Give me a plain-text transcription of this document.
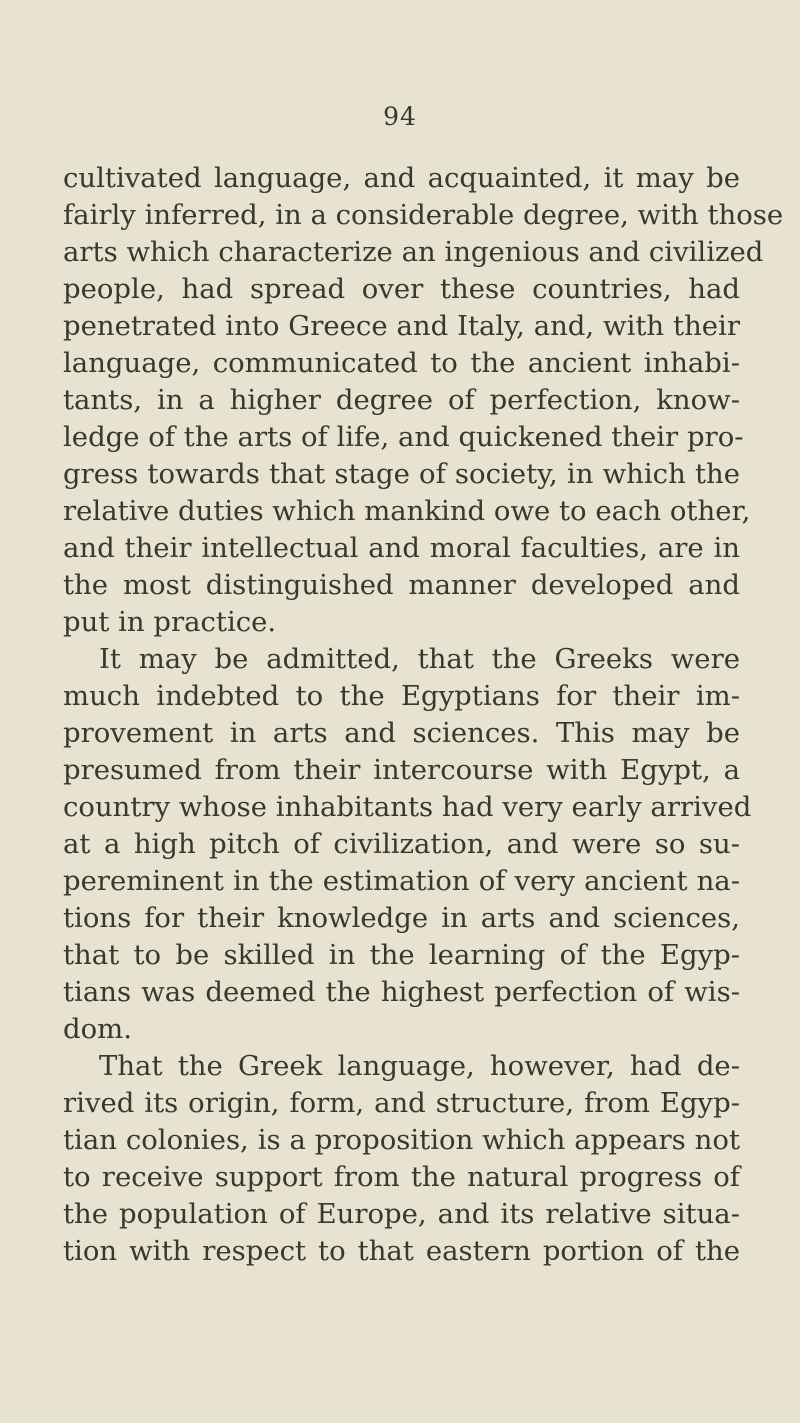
94
cultivated language, and acquainted, it may be
fairly inferred, in a considerable degree, with those
arts which characterize an ingenious and civilized
people, had spread over these countries, had
penetrated into Greece and Italy, and, with their
language, communicated to the ancient inhabi-
tants, in a higher degree of perfection, know-
ledge of the arts of life, and quickened their pro-
gress towards that stage of society, in which the
relative duties which mankind owe to each other,
and their intellectual and moral faculties, are in
the most distinguished manner developed and
put in practice.
It may be admitted, that the Greeks were
much indebted to the Egyptians for their im-
provement in arts and sciences. This may be
presumed from their intercourse with Egypt, a
country whose inhabitants had very early arrived
at a high pitch of civilization, and were so su-
pereminent in the estimation of very ancient na-
tions for their knowledge in arts and sciences,
that to be skilled in the learning of the Egyp-
tians was deemed the highest perfection of wis-
dom.
That the Greek language, however, had de-
rived its origin, form, and structure, from Egyp-
tian colonies, is a proposition which appears not
to receive support from the natural progress of
the population of Europe, and its relative situa-
tion with respect to that eastern portion of the
